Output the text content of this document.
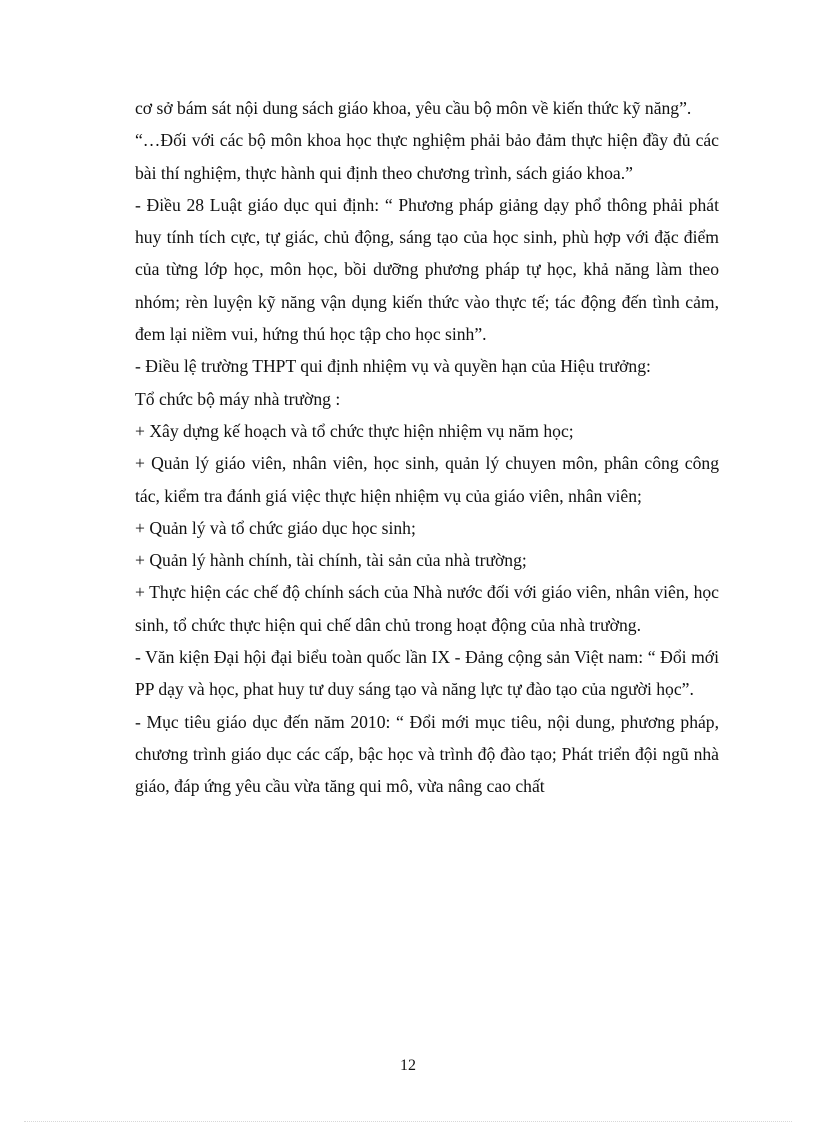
cơ sở bám sát nội dung sách giáo khoa, yêu cầu bộ môn về kiến thức kỹ năng”.

“…Đối với các bộ môn khoa học thực nghiệm phải bảo đảm thực hiện đầy đủ các bài thí nghiệm, thực hành qui định theo chương trình, sách giáo khoa.”

- Điều 28 Luật giáo dục qui định: “ Phương pháp giảng dạy phổ thông phải phát huy tính tích cực, tự giác, chủ động, sáng tạo của học sinh, phù hợp với đặc điểm của từng lớp học, môn học, bồi dưỡng phương pháp tự học, khả năng làm theo nhóm; rèn luyện kỹ năng vận dụng kiến thức vào thực tế; tác động đến tình cảm, đem lại niềm vui, hứng thú học tập cho học sinh”.

- Điều lệ trường THPT qui định nhiệm vụ và quyền hạn của Hiệu trưởng:

Tổ chức bộ máy nhà trường :

+ Xây dựng kế hoạch và tổ chức thực hiện nhiệm vụ năm học;

+ Quản lý giáo viên, nhân viên, học sinh, quản lý chuyen môn, phân công công tác, kiểm tra đánh giá việc thực hiện nhiệm vụ của giáo viên, nhân viên;

+ Quản lý và tổ chức giáo dục học sinh;

+ Quản lý hành chính, tài chính, tài sản của nhà trường;

+ Thực hiện các chế độ chính sách của Nhà nước đối với giáo viên, nhân viên, học sinh, tổ chức thực hiện qui chế dân chủ trong hoạt động của nhà trường.

- Văn kiện Đại hội đại biểu toàn quốc lần IX - Đảng cộng sản Việt nam: “ Đổi mới PP dạy và học, phat huy tư duy sáng tạo và năng lực tự đào tạo của người học”.

- Mục tiêu giáo dục đến năm 2010: “ Đổi mới mục tiêu, nội dung, phương pháp, chương trình giáo dục các cấp, bậc học và trình độ đào tạo; Phát triển đội ngũ nhà giáo, đáp ứng yêu cầu vừa tăng qui mô, vừa nâng cao chất

12
